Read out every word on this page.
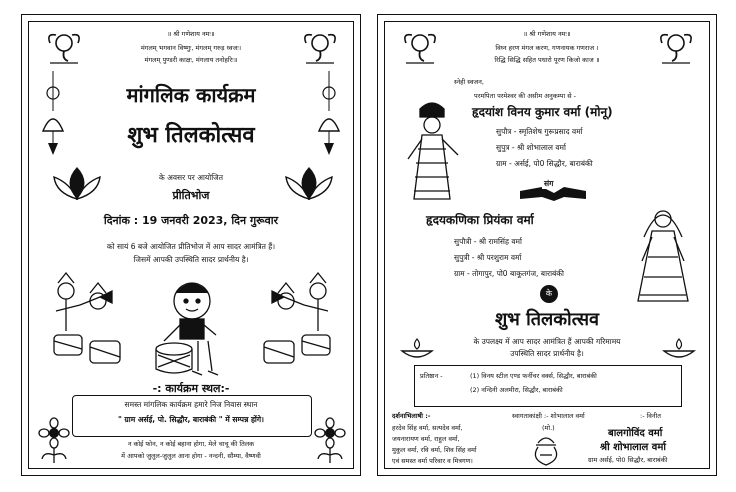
॥ श्री गणेशाय नमः॥
मंगलम् भगवान विष्णुः, मंगलम् गरुड़ ध्वजः।
मंगलम् पुण्डरी काक्षः, मंगलाय तनोहरिः॥
मांगलिक कार्यक्रम
शुभ तिलकोत्सव
के अवसर पर आयोजित
प्रीतिभोज
दिनांक : 19 जनवरी 2023, दिन गुरूवार
को सायं 6 बजे आयोजित प्रीतिभोज में आप सादर आमंत्रित हैं।
जिसमें आपकी उपस्थिति सादर प्रार्थनीय है।
-: कार्यक्रम स्थल:-
समस्त मांगलिक कार्यक्रम हमारे निज निवास स्थान
" ग्राम अर्सई, पो. सिद्धौर, बाराबंकी " में सम्पन्न होंगे।
न कोई फोन, न कोई बहाना होगा, मेले चाचू की तिलक
में आपको जुलुल-जुलुल आना होगा - नन्दनी, सौम्या, वैष्णवी
॥ श्री गणेशाय नमः॥
विघ्न हरण मंगल करण, गणनायक गणराज ।
रिद्धि सिद्धि सहित पधारो पूरण किजो काज ॥
स्नेही स्वजन,
परमपिता परमेश्वर की असीम अनुकम्पा से -
हृदयांश विनय कुमार वर्मा (मोनू)
सुपौत्र - स्मृतिशेष गुरूप्रसाद वर्मा
सुपुत्र - श्री शोभालाल वर्मा
ग्राम - अर्सई, पो0 सिद्धौर, बाराबंकी
संग
हृदयकणिका प्रियंका वर्मा
सुपौत्री - श्री रामसिंह वर्मा
सुपुत्री - श्री परशुराम वर्मा
ग्राम - तोगापुर, पो0 बाकूतगंज, बाराबंकी
के
शुभ तिलकोत्सव
के उपलक्ष्य में आप सादर आमंत्रित हैं आपकी गरिमामय
उपस्थिति सादर प्रार्थनीय है।
प्रतिष्ठान -	(1) विनय स्टील एण्ड फर्नीचर वर्क्स, सिद्धौर, बाराबंकी
(2) नन्दिनी अलमीरा, सिद्धौर, बाराबंकी
दर्शनाभिलाषी :-
हरदेव सिंह वर्मा, सत्यदेव वर्मा,
जयनारायण वर्मा, राहुल वर्मा,
मुकुल वर्मा, रवि वर्मा, शिव सिंह वर्मा
एवं समस्त वर्मा परिवार व मित्रगण।
स्वागताकांक्षी :- शोभालाल वर्मा
(मो.)
:- विनीत
बालगोविंद वर्मा
श्री शोभालाल वर्मा
ग्राम अर्सई, पो0 सिद्धौर, बाराबंकी
